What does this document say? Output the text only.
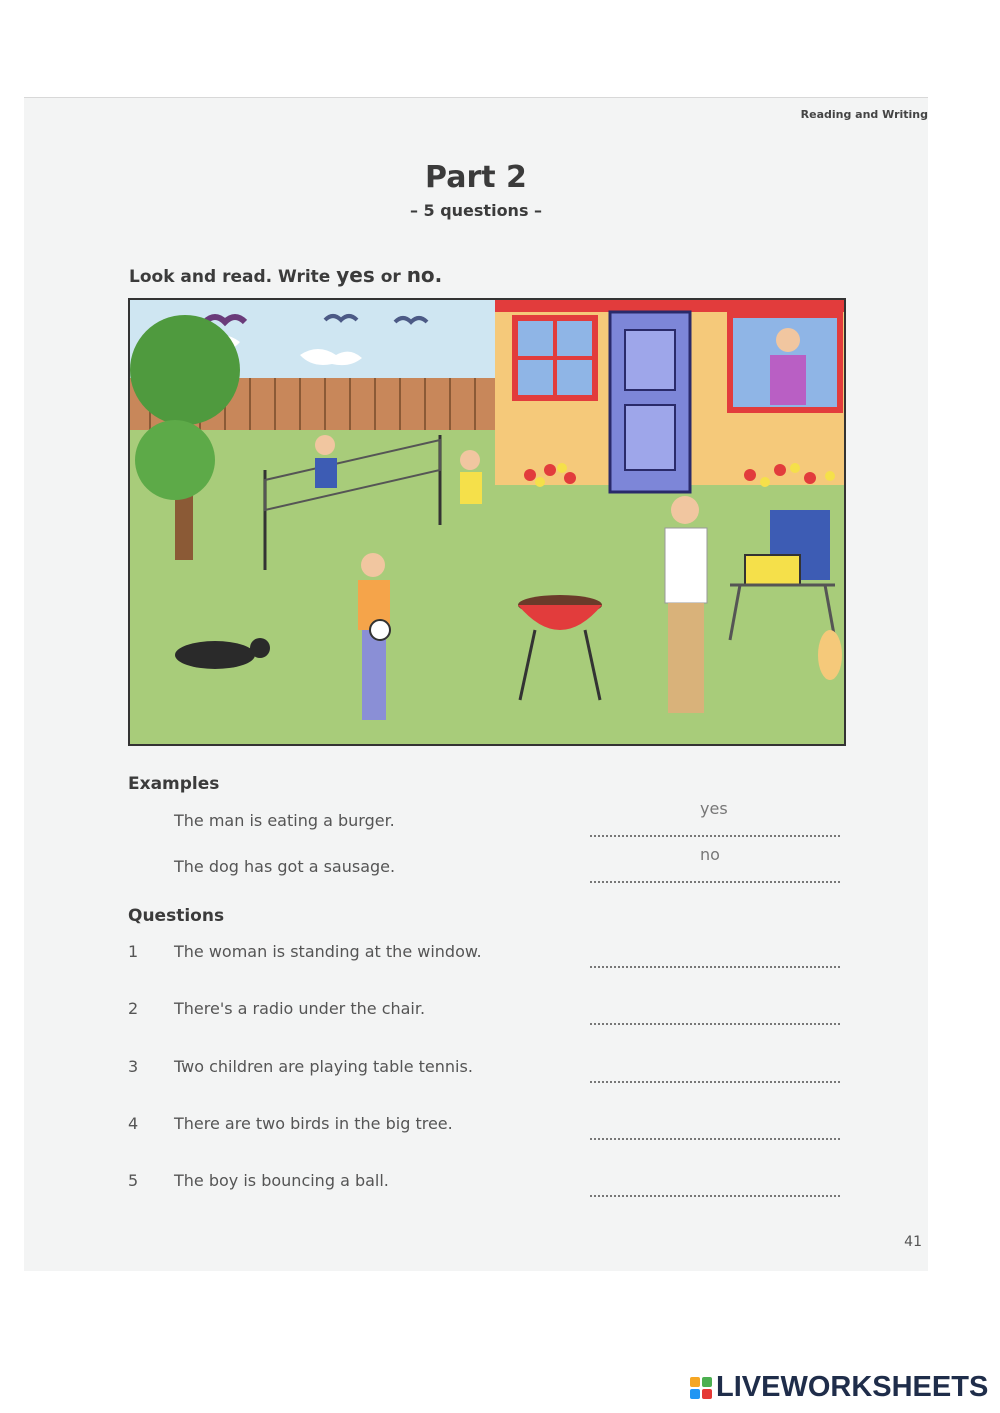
Reading and Writing
Part 2
– 5 questions –
Look and read. Write yes or no.
Examples
The man is eating a burger.
yes
The dog has got a sausage.
no
Questions
1 The woman is standing at the window.
2 There's a radio under the chair.
3 Two children are playing table tennis.
4 There are two birds in the big tree.
5 The boy is bouncing a ball.
41
LIVEWORKSHEETS
